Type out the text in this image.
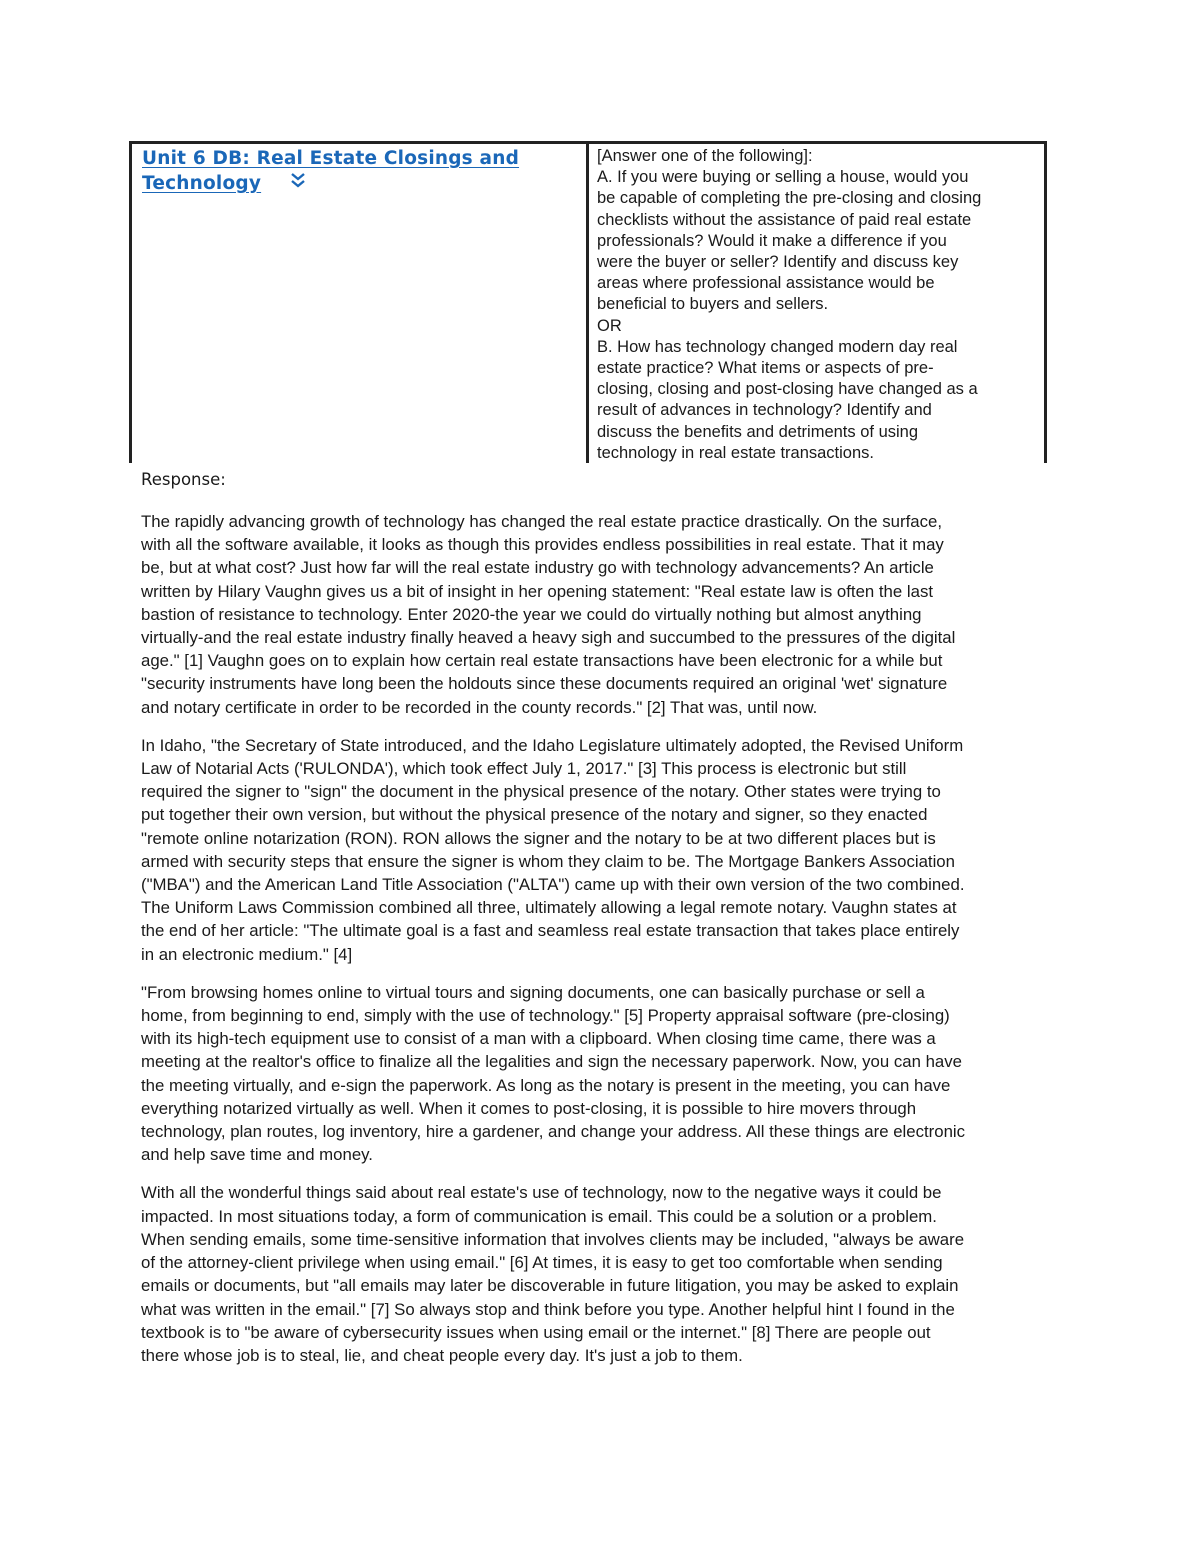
Unit 6 DB: Real Estate Closings and
Technology

[Answer one of the following]:

A. If you were buying or selling a house, would you

be capable of completing the pre-closing and closing

checklists without the assistance of paid real estate

professionals? Would it make a difference if you

were the buyer or seller? Identify and discuss key

areas where professional assistance would be

beneficial to buyers and sellers.

OR

B. How has technology changed modern day real

estate practice? What items or aspects of pre-

closing, closing and post-closing have changed as a

result of advances in technology? Identify and

discuss the benefits and detriments of using

technology in real estate transactions.

Response:

The rapidly advancing growth of technology has changed the real estate practice drastically. On the surface,

with all the software available, it looks as though this provides endless possibilities in real estate. That it may

be, but at what cost? Just how far will the real estate industry go with technology advancements? An article

written by Hilary Vaughn gives us a bit of insight in her opening statement: "Real estate law is often the last

bastion of resistance to technology. Enter 2020-the year we could do virtually nothing but almost anything

virtually-and the real estate industry finally heaved a heavy sigh and succumbed to the pressures of the digital

age." [1] Vaughn goes on to explain how certain real estate transactions have been electronic for a while but

"security instruments have long been the holdouts since these documents required an original 'wet' signature

and notary certificate in order to be recorded in the county records." [2] That was, until now.

In Idaho, "the Secretary of State introduced, and the Idaho Legislature ultimately adopted, the Revised Uniform

Law of Notarial Acts ('RULONDA'), which took effect July 1, 2017." [3] This process is electronic but still

required the signer to "sign" the document in the physical presence of the notary. Other states were trying to

put together their own version, but without the physical presence of the notary and signer, so they enacted

"remote online notarization (RON). RON allows the signer and the notary to be at two different places but is

armed with security steps that ensure the signer is whom they claim to be. The Mortgage Bankers Association

("MBA") and the American Land Title Association ("ALTA") came up with their own version of the two combined.

The Uniform Laws Commission combined all three, ultimately allowing a legal remote notary. Vaughn states at

the end of her article: "The ultimate goal is a fast and seamless real estate transaction that takes place entirely

in an electronic medium." [4]

"From browsing homes online to virtual tours and signing documents, one can basically purchase or sell a

home, from beginning to end, simply with the use of technology." [5] Property appraisal software (pre-closing)

with its high-tech equipment use to consist of a man with a clipboard. When closing time came, there was a

meeting at the realtor's office to finalize all the legalities and sign the necessary paperwork. Now, you can have

the meeting virtually, and e-sign the paperwork. As long as the notary is present in the meeting, you can have

everything notarized virtually as well. When it comes to post-closing, it is possible to hire movers through

technology, plan routes, log inventory, hire a gardener, and change your address. All these things are electronic

and help save time and money.

With all the wonderful things said about real estate's use of technology, now to the negative ways it could be

impacted. In most situations today, a form of communication is email. This could be a solution or a problem.

When sending emails, some time-sensitive information that involves clients may be included, "always be aware

of the attorney-client privilege when using email." [6] At times, it is easy to get too comfortable when sending

emails or documents, but "all emails may later be discoverable in future litigation, you may be asked to explain

what was written in the email." [7] So always stop and think before you type. Another helpful hint I found in the

textbook is to "be aware of cybersecurity issues when using email or the internet." [8] There are people out

there whose job is to steal, lie, and cheat people every day. It's just a job to them.
